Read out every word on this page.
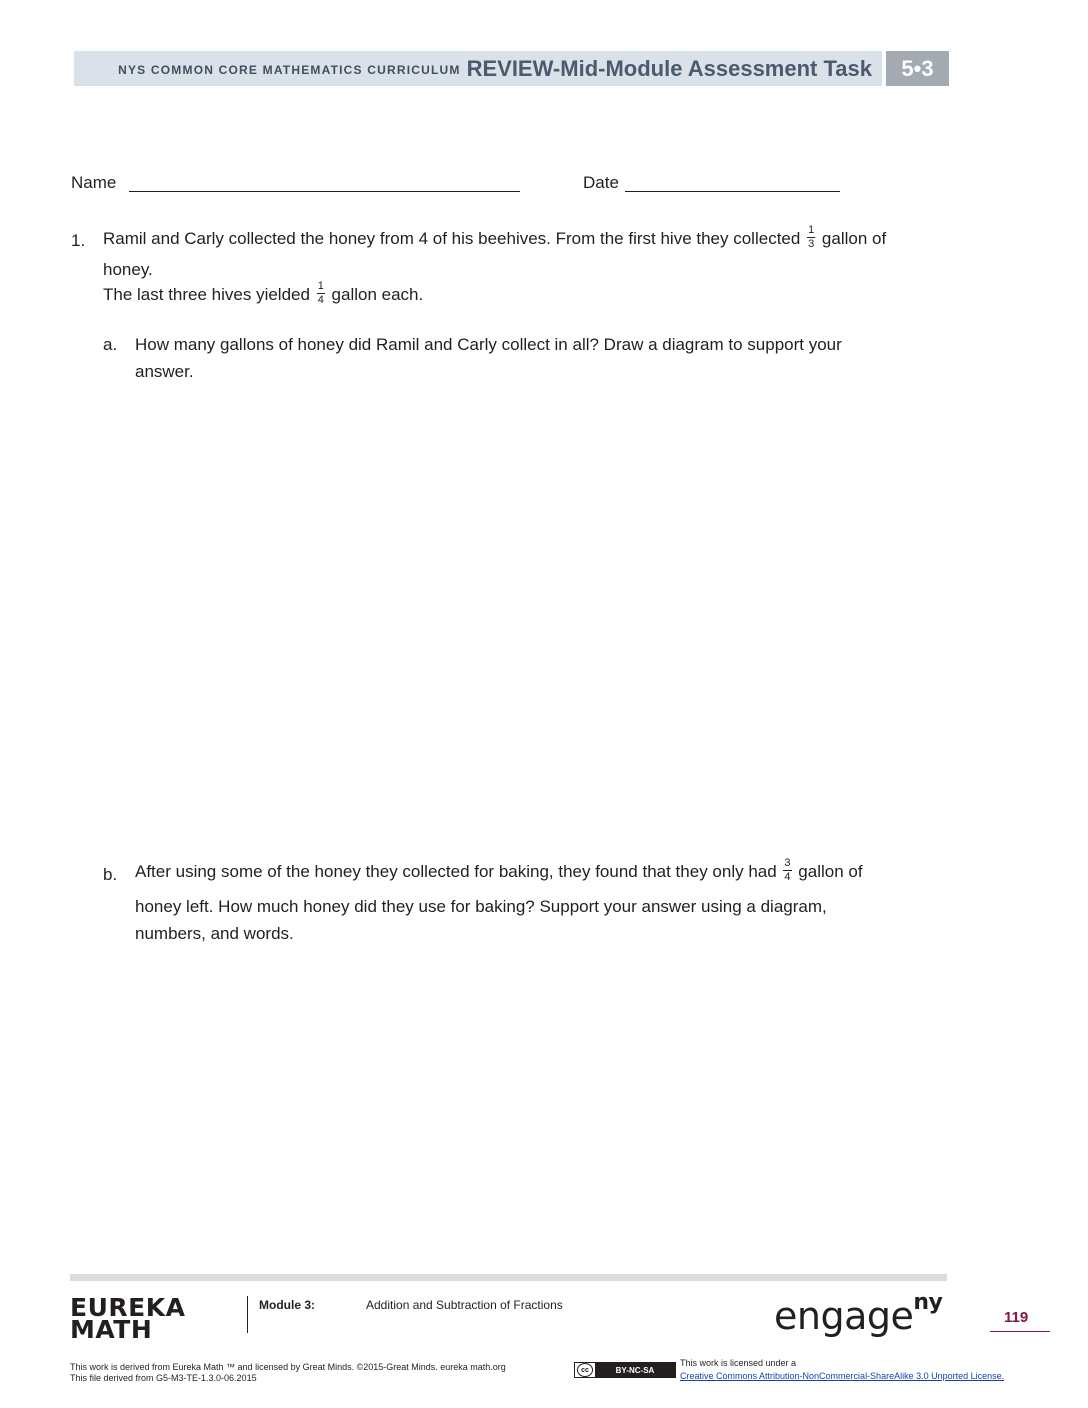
NYS COMMON CORE MATHEMATICS CURRICULUM REVIEW-Mid-Module Assessment Task	5•3
Name	Date
1. Ramil and Carly collected the honey from 4 of his beehives. From the first hive they collected $\frac{1}{3}$ gallon of
honey.
The last three hives yielded $\frac{1}{4}$ gallon each.
a. How many gallons of honey did Ramil and Carly collect in all? Draw a diagram to support your
answer.
b. After using some of the honey they collected for baking, they found that they only had $\frac{3}{4}$ gallon of
honey left. How much honey did they use for baking? Support your answer using a diagram,
numbers, and words.
EUREKA
MATH
Module 3:	Addition and Subtraction of Fractions	engage$^{ny}$
119
This work is derived from Eureka Math ™ and licensed by Great Minds. ©2015-Great Minds. eureka math.org
This file derived from G5-M3-TE-1.3.0-06.2015
cc	BY-NC-SA
This work is licensed under a
Creative Commons Attribution-NonCommercial-ShareAlike 3.0 Unported License.
